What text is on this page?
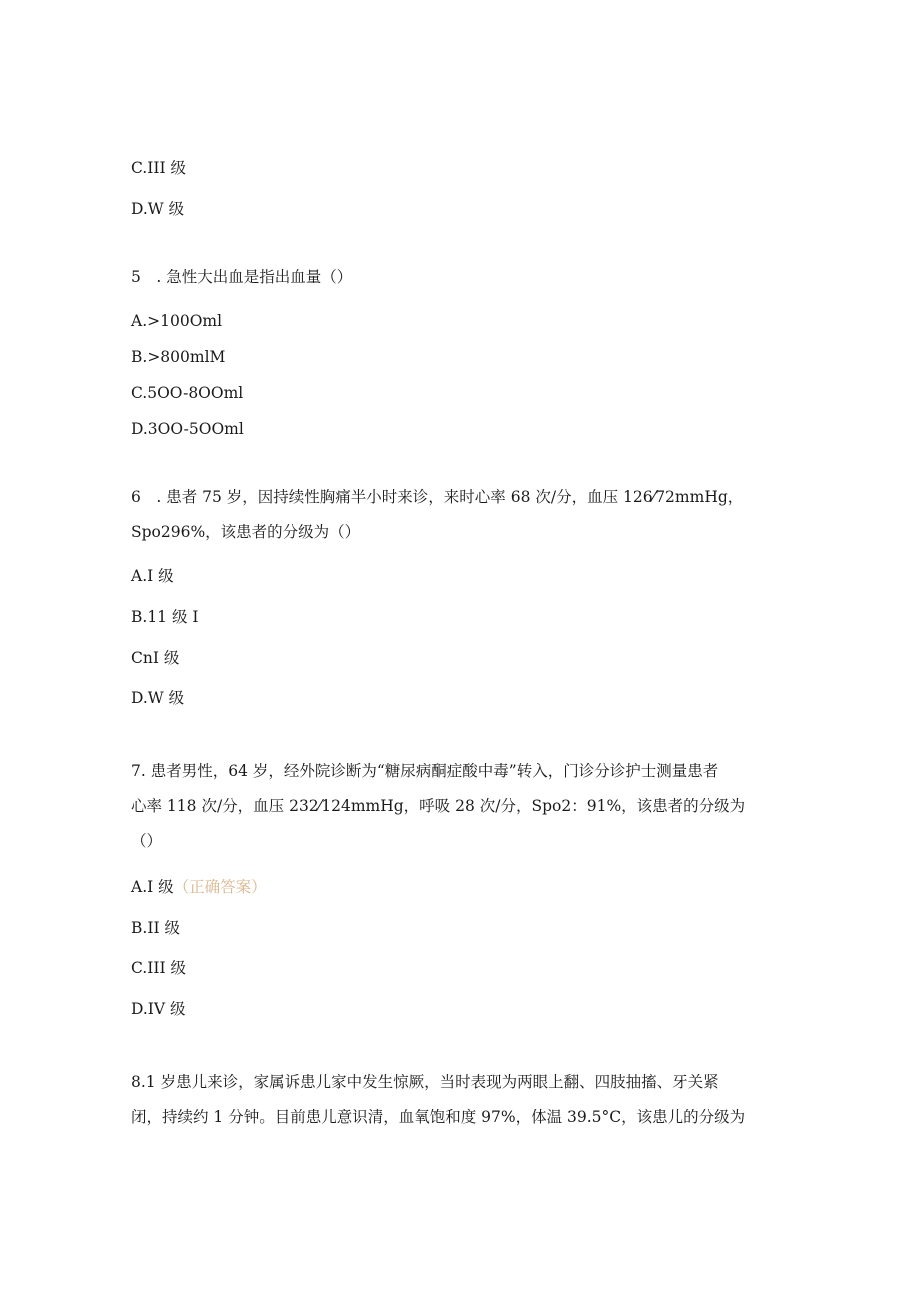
C.III 级
D.W 级
5　. 急性大出血是指出血量（）
A.>100Oml
B.>800mlM
C.5OO-8OOml
D.3OO-5OOml
6　. 患者 75 岁，因持续性胸痛半小时来诊，来时心率 68 次/分，血压 126⁄72mmHg，
Spo296%，该患者的分级为（）
A.I 级
B.11 级 I
CnI 级
D.W 级
7. 患者男性，64 岁，经外院诊断为“糖尿病酮症酸中毒”转入，门诊分诊护士测量患者
心率 118 次/分，血压 232⁄124mmHg，呼吸 28 次/分，Spo2：91%，该患者的分级为
（）
A.I 级（正确答案）
B.II 级
C.III 级
D.IV 级
8.1 岁患儿来诊，家属诉患儿家中发生惊厥，当时表现为两眼上翻、四肢抽搐、牙关紧
闭，持续约 1 分钟。目前患儿意识清，血氧饱和度 97%，体温 39.5°C，该患儿的分级为
